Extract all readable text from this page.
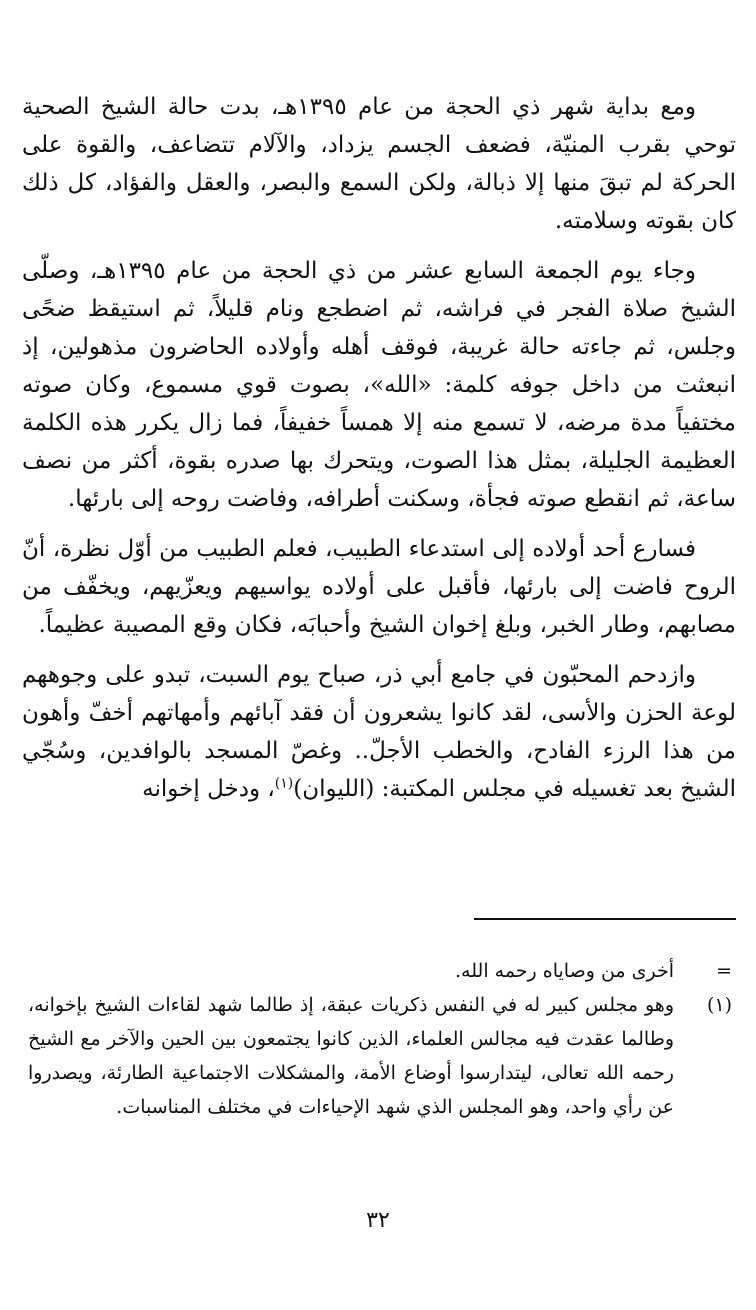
ومع بداية شهر ذي الحجة من عام ١٣٩٥هـ، بدت حالة الشيخ الصحية توحي بقرب المنيّة، فضعف الجسم يزداد، والآلام تتضاعف، والقوة على الحركة لم تبقَ منها إلا ذبالة، ولكن السمع والبصر، والعقل والفؤاد، كل ذلك كان بقوته وسلامته.

وجاء يوم الجمعة السابع عشر من ذي الحجة من عام ١٣٩٥هـ، وصلّى الشيخ صلاة الفجر في فراشه، ثم اضطجع ونام قليلاً، ثم استيقظ ضحًى وجلس، ثم جاءته حالة غريبة، فوقف أهله وأولاده الحاضرون مذهولين، إذ انبعثت من داخل جوفه كلمة: «الله»، بصوت قوي مسموع، وكان صوته مختفياً مدة مرضه، لا تسمع منه إلا همساً خفيفاً، فما زال يكرر هذه الكلمة العظيمة الجليلة، بمثل هذا الصوت، ويتحرك بها صدره بقوة، أكثر من نصف ساعة، ثم انقطع صوته فجأة، وسكنت أطرافه، وفاضت روحه إلى بارئها.

فسارع أحد أولاده إلى استدعاء الطبيب، فعلم الطبيب من أوّل نظرة، أنّ الروح فاضت إلى بارئها، فأقبل على أولاده يواسيهم ويعزّيهم، ويخفّف من مصابهم، وطار الخبر، وبلغ إخوان الشيخ وأحبابَه، فكان وقع المصيبة عظيماً.

وازدحم المحبّون في جامع أبي ذر، صباح يوم السبت، تبدو على وجوههم لوعة الحزن والأسى، لقد كانوا يشعرون أن فقد آبائهم وأمهاتهم أخفّ وأهون من هذا الرزء الفادح، والخطب الأجلّ.. وغصّ المسجد بالوافدين، وسُجّي الشيخ بعد تغسيله في مجلس المكتبة: (الليوان)$^{(١)}$، ودخل إخوانه

=
أخرى من وصاياه رحمه الله.
(١)
وهو مجلس كبير له في النفس ذكريات عبقة، إذ طالما شهد لقاءات الشيخ بإخوانه، وطالما عقدت فيه مجالس العلماء، الذين كانوا يجتمعون بين الحين والآخر مع الشيخ رحمه الله تعالى، ليتدارسوا أوضاع الأمة، والمشكلات الاجتماعية الطارئة، ويصدروا عن رأي واحد، وهو المجلس الذي شهد الإحياءات في مختلف المناسبات.
٣٢
